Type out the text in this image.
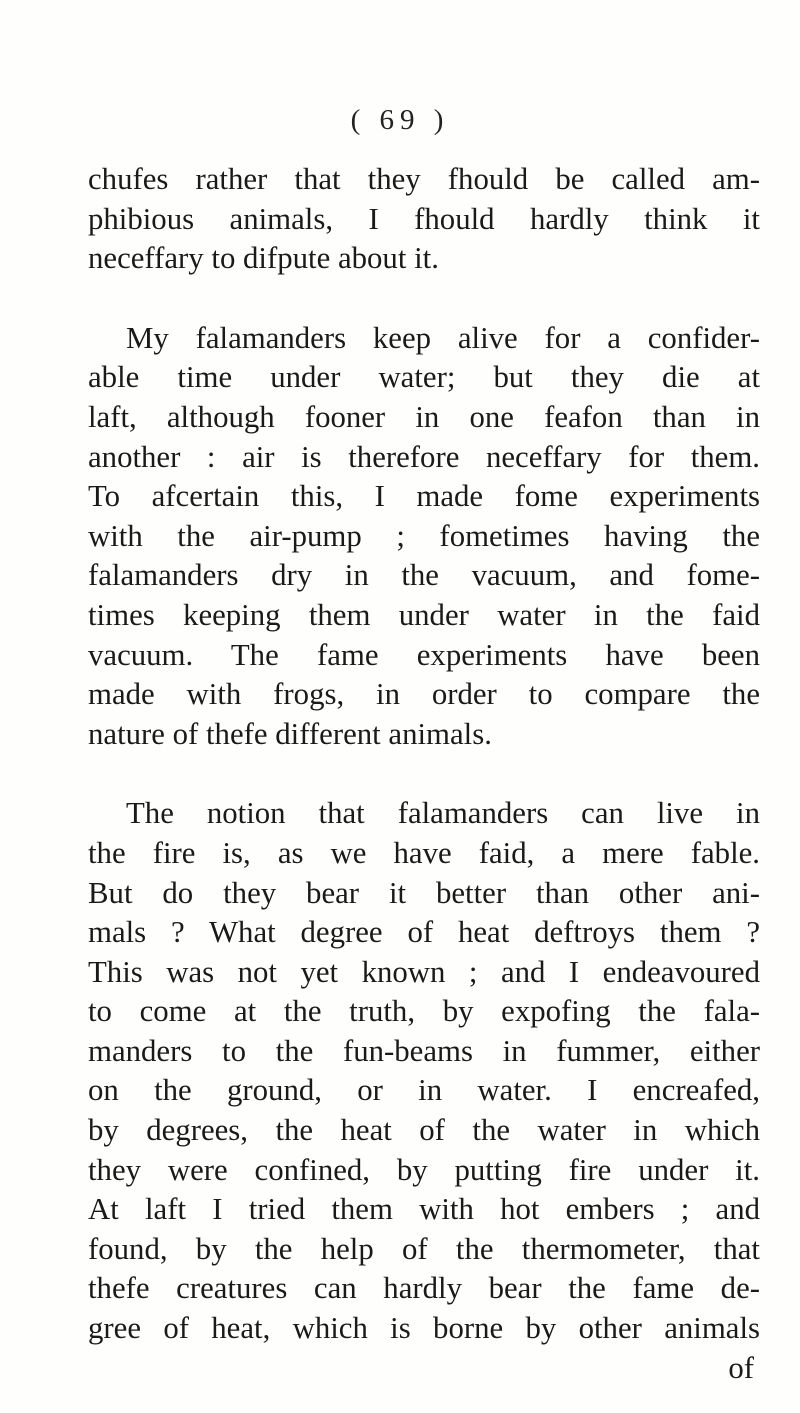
( 69 )
chufes rather that they fhould be called am-
phibious animals, I fhould hardly think it
neceffary to difpute about it.
My falamanders keep alive for a confider-
able time under water; but they die at
laft, although fooner in one feafon than in
another : air is therefore neceffary for them.
To afcertain this, I made fome experiments
with the air-pump ; fometimes having the
falamanders dry in the vacuum, and fome-
times keeping them under water in the faid
vacuum. The fame experiments have been
made with frogs, in order to compare the
nature of thefe different animals.
The notion that falamanders can live in
the fire is, as we have faid, a mere fable.
But do they bear it better than other ani-
mals ? What degree of heat deftroys them ?
This was not yet known ; and I endeavoured
to come at the truth, by expofing the fala-
manders to the fun-beams in fummer, either
on the ground, or in water. I encreafed,
by degrees, the heat of the water in which
they were confined, by putting fire under it.
At laft I tried them with hot embers ; and
found, by the help of the thermometer, that
thefe creatures can hardly bear the fame de-
gree of heat, which is borne by other animals
of
